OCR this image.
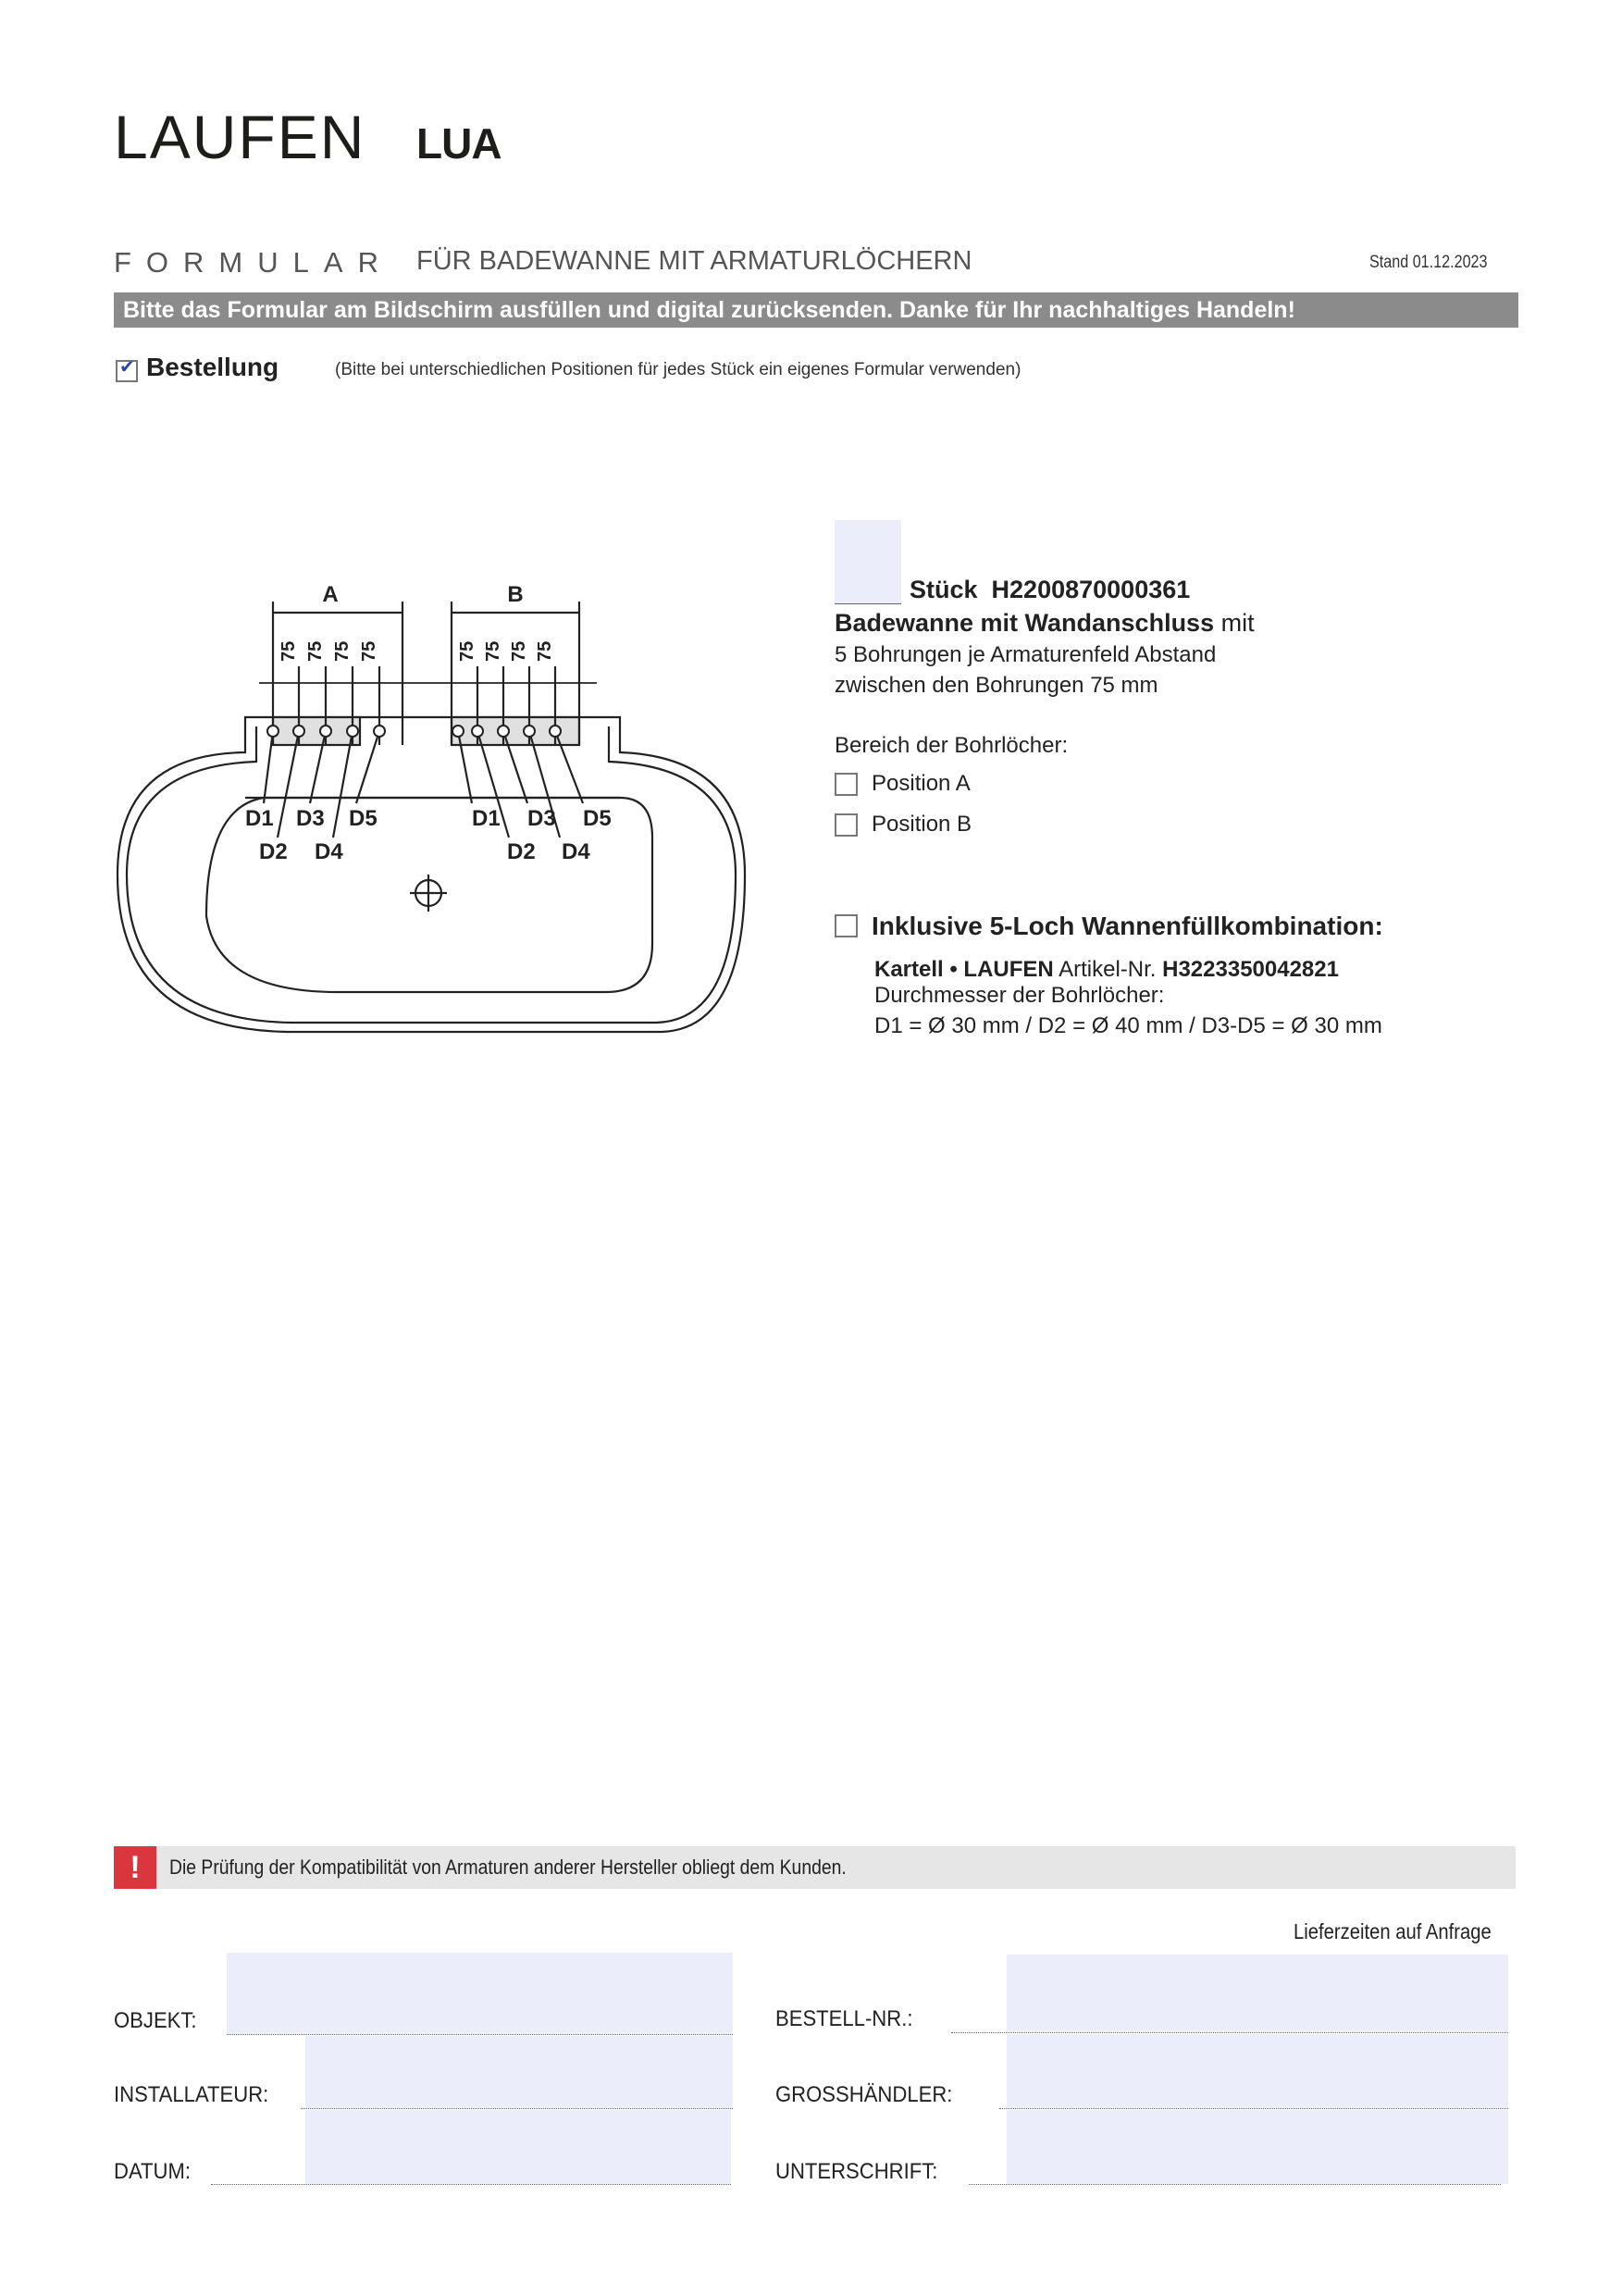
LAUFEN LUA
FORMULAR FÜR BADEWANNE MIT ARMATURLÖCHERN	Stand 01.12.2023
Bitte das Formular am Bildschirm ausfüllen und digital zurücksenden. Danke für Ihr nachhaltiges Handeln!
✔ Bestellung	(Bitte bei unterschiedlichen Positionen für jedes Stück ein eigenes Formular verwenden)
A	B
75 75 75 75	75 75 75 75
D1 D3 D5
D2 D4
D1 D3 D5
D2 D4
Stück H2200870000361
Badewanne mit Wandanschluss mit
5 Bohrungen je Armaturenfeld Abstand
zwischen den Bohrungen 75 mm
Bereich der Bohrlöcher:
Position A
Position B
Inklusive 5-Loch Wannenfüllkombination:
Kartell • LAUFEN Artikel-Nr. H3223350042821
Durchmesser der Bohrlöcher:
D1 = Ø 30 mm / D2 = Ø 40 mm / D3-D5 = Ø 30 mm
!	Die Prüfung der Kompatibilität von Armaturen anderer Hersteller obliegt dem Kunden.
Lieferzeiten auf Anfrage
OBJEKT:
INSTALLATEUR:
DATUM:
BESTELL-NR.:
GROSSHÄNDLER:
UNTERSCHRIFT:
